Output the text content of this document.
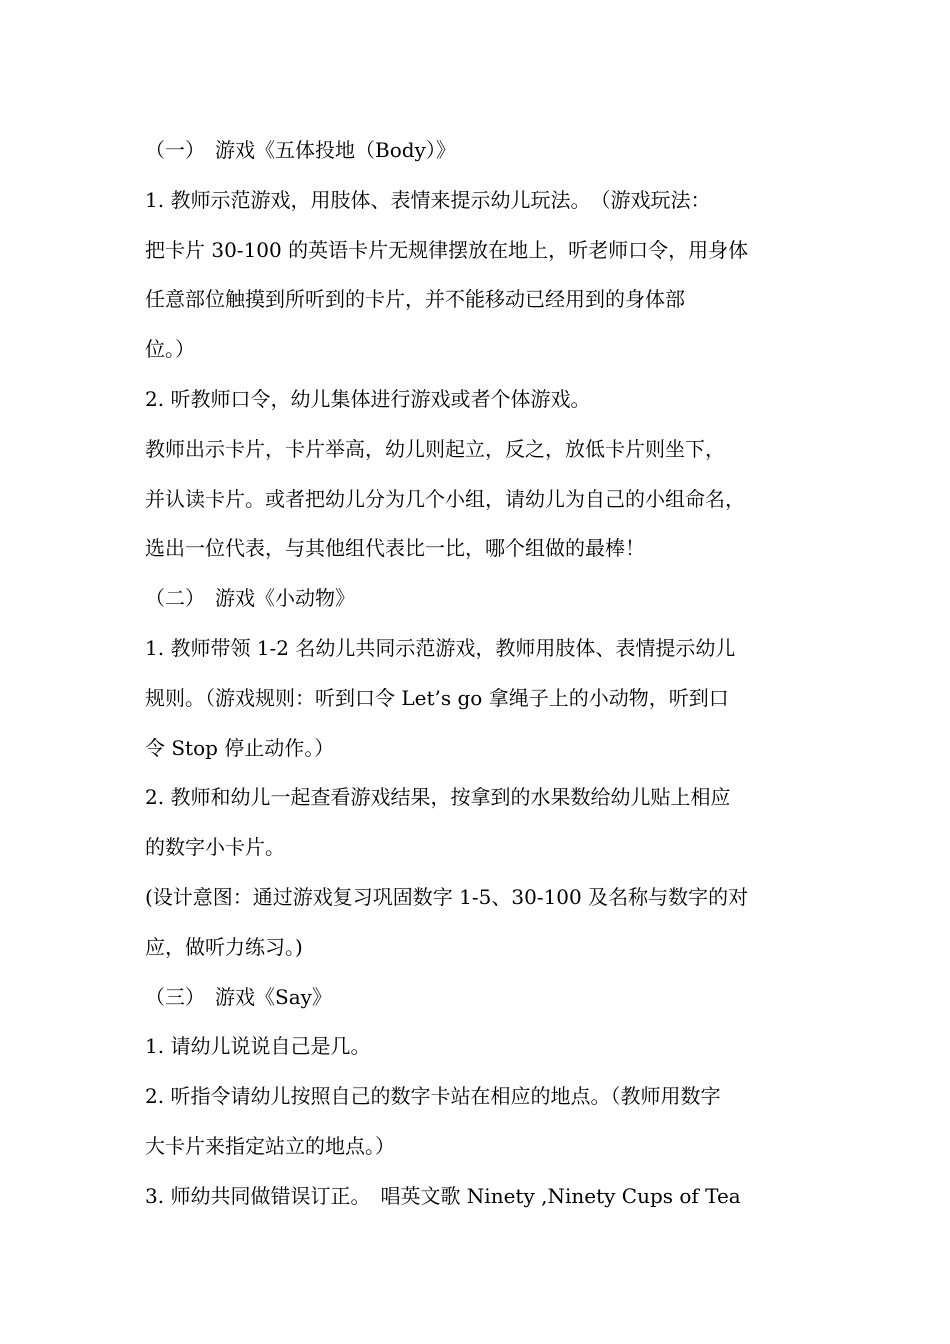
（一）　游戏《五体投地（Body）》
1. 教师示范游戏，用肢体、表情来提示幼儿玩法。　（游戏玩法：
把卡片 30-100 的英语卡片无规律摆放在地上，听老师口令，用身体
任意部位触摸到所听到的卡片，并不能移动已经用到的身体部
位。）
2. 听教师口令，幼儿集体进行游戏或者个体游戏。
教师出示卡片，卡片举高，幼儿则起立，反之，放低卡片则坐下，
并认读卡片。或者把幼儿分为几个小组，请幼儿为自己的小组命名，
选出一位代表，与其他组代表比一比，哪个组做的最棒！
（二）　游戏《小动物》
1. 教师带领 1-2 名幼儿共同示范游戏，教师用肢体、表情提示幼儿
规则。（游戏规则：听到口令 Let’s go 拿绳子上的小动物，听到口
令 Stop 停止动作。）
2. 教师和幼儿一起查看游戏结果，按拿到的水果数给幼儿贴上相应
的数字小卡片。
(设计意图：通过游戏复习巩固数字 1-5、30-100 及名称与数字的对
应，做听力练习。)
（三）　游戏《Say》
1. 请幼儿说说自己是几。
2. 听指令请幼儿按照自己的数字卡站在相应的地点。（教师用数字
大卡片来指定站立的地点。）
3. 师幼共同做错误订正。　唱英文歌 Ninety ,Ninety Cups of Tea
